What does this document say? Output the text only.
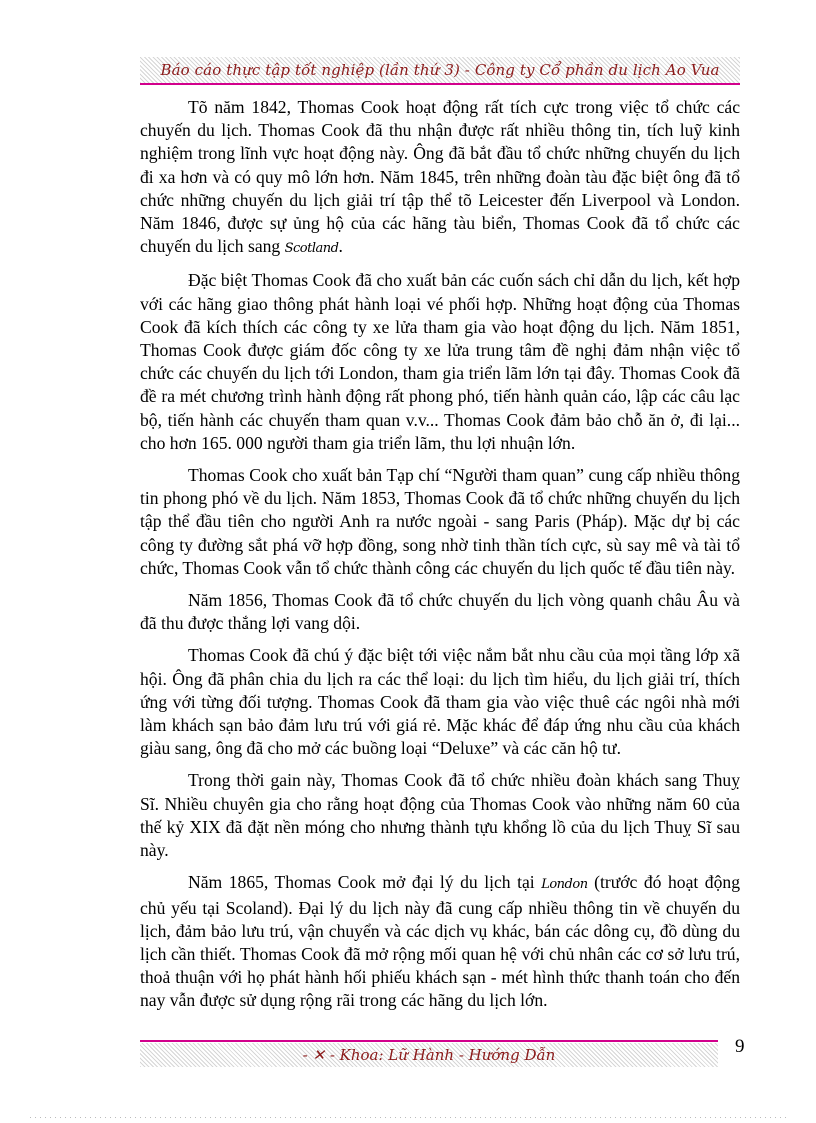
Báo cáo thực tập tốt nghiệp (lần thứ 3) - Công ty Cổ phần du lịch Ao Vua

Tõ năm 1842, Thomas Cook hoạt động rất tích cực trong việc tổ chức các chuyến du lịch. Thomas Cook đã thu nhận được rất nhiều thông tin, tích luỹ kinh nghiệm trong lĩnh vực hoạt động này. Ông đã bắt đầu tổ chức những chuyến du lịch đi xa hơn và có quy mô lớn hơn. Năm 1845, trên những đoàn tàu đặc biệt ông đã tổ chức những chuyến du lịch giải trí tập thể tõ Leicester đến Liverpool và London. Năm 1846, được sự ủng hộ của các hãng tàu biển, Thomas Cook đã tổ chức các chuyến du lịch sang Scotland.

Đặc biệt Thomas Cook đã cho xuất bản các cuốn sách chỉ dẫn du lịch, kết hợp với các hãng giao thông phát hành loại vé phối hợp. Những hoạt động của Thomas Cook đã kích thích các công ty xe lửa tham gia vào hoạt động du lịch. Năm 1851, Thomas Cook được giám đốc công ty xe lửa trung tâm đề nghị đảm nhận việc tổ chức các chuyến du lịch tới London, tham gia triển lãm lớn tại đây. Thomas Cook đã đề ra mét chương trình hành động rất phong phó, tiến hành quản cáo, lập các câu lạc bộ, tiến hành các chuyến tham quan v.v... Thomas Cook đảm bảo chỗ ăn ở, đi lại... cho hơn 165. 000 người tham gia triển lãm, thu lợi nhuận lớn.

Thomas Cook cho xuất bản Tạp chí “Người tham quan” cung cấp nhiều thông tin phong phó về du lịch. Năm 1853, Thomas Cook đã tổ chức những chuyến du lịch tập thể đầu tiên cho người Anh ra nước ngoài - sang Paris (Pháp). Mặc dự bị các công ty đường sắt phá vỡ hợp đồng, song nhờ tinh thần tích cực, sù say mê và tài tổ chức, Thomas Cook vẫn tổ chức thành công các chuyến du lịch quốc tế đầu tiên này.

Năm 1856, Thomas Cook đã tổ chức chuyến du lịch vòng quanh châu Âu và đã thu được thắng lợi vang dội.

Thomas Cook đã chú ý đặc biệt tới việc nắm bắt nhu cầu của mọi tầng lớp xã hội. Ông đã phân chia du lịch ra các thể loại: du lịch tìm hiểu, du lịch giải trí, thích ứng với từng đối tượng. Thomas Cook đã tham gia vào việc thuê các ngôi nhà mới làm khách sạn bảo đảm lưu trú với giá rẻ. Mặc khác để đáp ứng nhu cầu của khách giàu sang, ông đã cho mở các buồng loại “Deluxe” và các căn hộ tư.

Trong thời gain này, Thomas Cook đã tổ chức nhiều đoàn khách sang Thuỵ Sĩ. Nhiều chuyên gia cho rằng hoạt động của Thomas Cook vào những năm 60 của thế kỷ XIX đã đặt nền móng cho nhưng thành tựu khổng lồ của du lịch Thuỵ Sĩ sau này.

Năm 1865, Thomas Cook mở đại lý du lịch tại London (trước đó hoạt động chủ yếu tại Scoland). Đại lý du lịch này đã cung cấp nhiều thông tin về chuyến du lịch, đảm bảo lưu trú, vận chuyển và các dịch vụ khác, bán các dông cụ, đồ dùng du lịch cần thiết. Thomas Cook đã mở rộng mối quan hệ với chủ nhân các cơ sở lưu trú, thoả thuận với họ phát hành hối phiếu khách sạn - mét hình thức thanh toán cho đến nay vẫn được sử dụng rộng rãi trong các hãng du lịch lớn.

- ✕ - Khoa: Lữ Hành - Hướng Dẫn	9
